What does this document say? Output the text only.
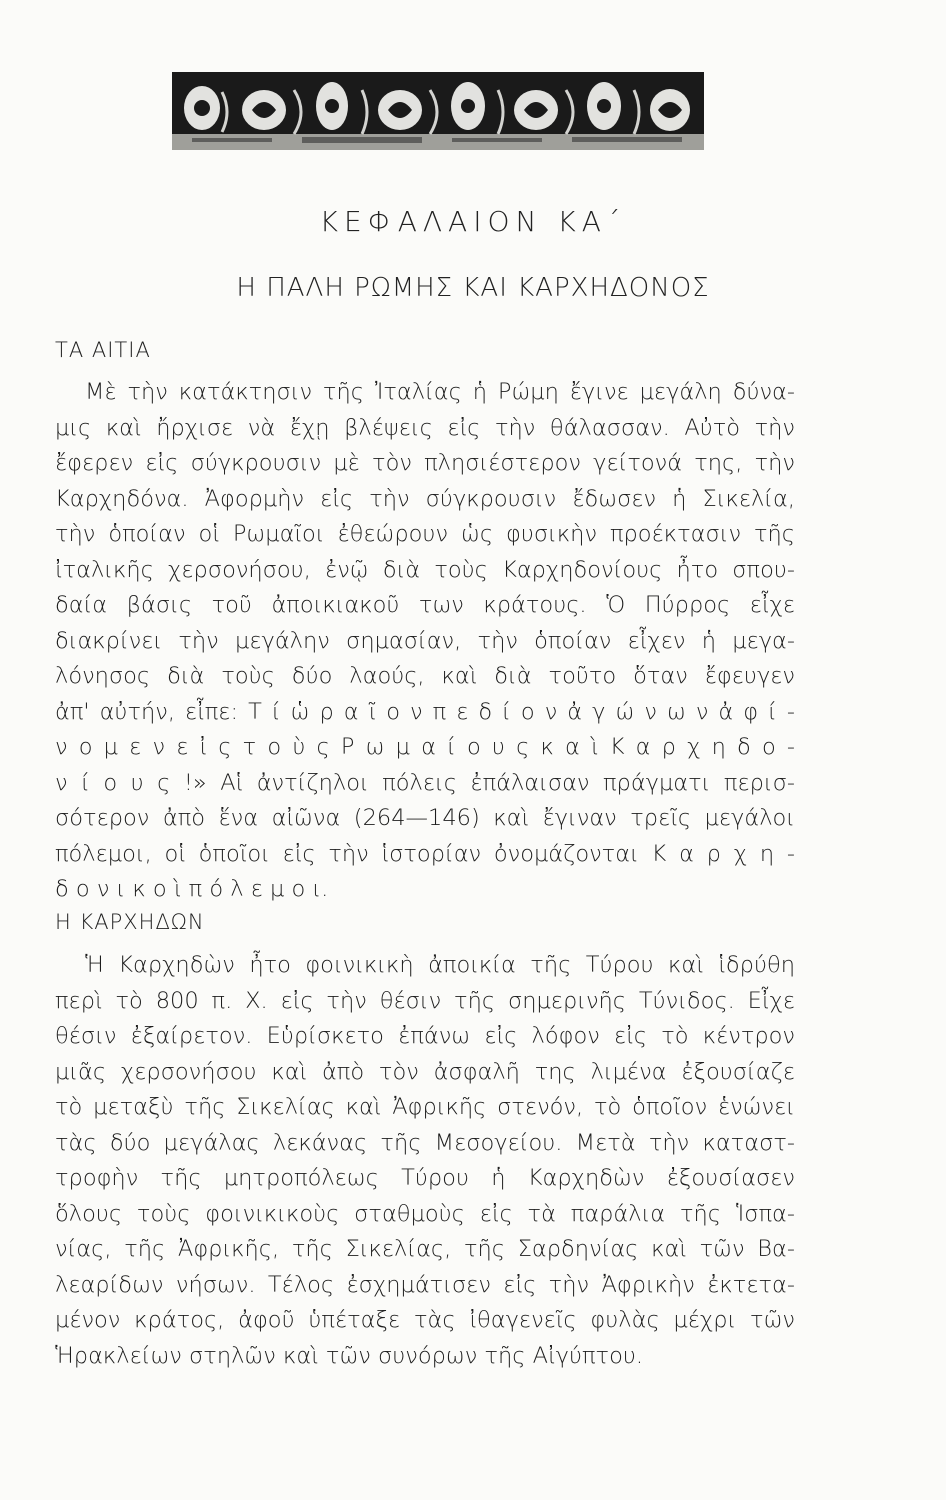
ΚΕΦΑΛΑΙΟΝ ΚΑ΄
Η ΠΑΛΗ ΡΩΜΗΣ ΚΑΙ ΚΑΡΧΗΔΟΝΟΣ
ΤΑ ΑΙΤΙΑ
Μὲ τὴν κατάκτησιν τῆς Ἰταλίας ἡ Ρώμη ἔγινε μεγάλη δύνα-
μις καὶ ἤρχισε νὰ ἔχῃ βλέψεις εἰς τὴν θάλασσαν. Αὐτὸ τὴν
ἔφερεν εἰς σύγκρουσιν μὲ τὸν πλησιέστερον γείτονά της, τὴν
Καρχηδόνα. Ἀφορμὴν εἰς τὴν σύγκρουσιν ἔδωσεν ἡ Σικελία,
τὴν ὁποίαν οἱ Ρωμαῖοι ἐθεώρουν ὡς φυσικὴν προέκτασιν τῆς
ἰταλικῆς χερσονήσου, ἐνῷ διὰ τοὺς Καρχηδονίους ἦτο σπου-
δαία βάσις τοῦ ἀποικιακοῦ των κράτους. Ὁ Πύρρος εἶχε
διακρίνει τὴν μεγάλην σημασίαν, τὴν ὁποίαν εἶχεν ἡ μεγα-
λόνησος διὰ τοὺς δύο λαούς, καὶ διὰ τοῦτο ὅταν ἔφευγεν
ἀπ' αὐτήν, εἶπε: Τ ί ὡ ρ α ῖ ο ν π ε δ ί ο ν ἀ γ ώ ν ω ν ἀ φ ί -
ν ο μ ε ν ε ἰ ς τ ο ὺ ς Ρ ω μ α ί ο υ ς κ α ὶ Κ α ρ χ η δ ο -
ν ί ο υ ς !» Αἱ ἀντίζηλοι πόλεις ἐπάλαισαν πράγματι περισ-
σότερον ἀπὸ ἕνα αἰῶνα (264—146) καὶ ἔγιναν τρεῖς μεγάλοι
πόλεμοι, οἱ ὁποῖοι εἰς τὴν ἱστορίαν ὀνομάζονται Κ α ρ χ η -
δ ο ν ι κ ο ὶ π ό λ ε μ ο ι.
Η ΚΑΡΧΗΔΩΝ
Ἡ Καρχηδὼν ἦτο φοινικικὴ ἀποικία τῆς Τύρου καὶ ἱδρύθη
περὶ τὸ 800 π. Χ. εἰς τὴν θέσιν τῆς σημερινῆς Τύνιδος. Εἶχε
θέσιν ἐξαίρετον. Εὑρίσκετο ἐπάνω εἰς λόφον εἰς τὸ κέντρον
μιᾶς χερσονήσου καὶ ἀπὸ τὸν ἀσφαλῆ της λιμένα ἐξουσίαζε
τὸ μεταξὺ τῆς Σικελίας καὶ Ἀφρικῆς στενόν, τὸ ὁποῖον ἑνώνει
τὰς δύο μεγάλας λεκάνας τῆς Μεσογείου. Μετὰ τὴν καταστ-
τροφὴν τῆς μητροπόλεως Τύρου ἡ Καρχηδὼν ἐξουσίασεν
ὅλους τοὺς φοινικικοὺς σταθμοὺς εἰς τὰ παράλια τῆς Ἱσπα-
νίας, τῆς Ἀφρικῆς, τῆς Σικελίας, τῆς Σαρδηνίας καὶ τῶν Βα-
λεαρίδων νήσων. Τέλος ἐσχημάτισεν εἰς τὴν Ἀφρικὴν ἐκτετα-
μένον κράτος, ἀφοῦ ὑπέταξε τὰς ἰθαγενεῖς φυλὰς μέχρι τῶν
Ἡρακλείων στηλῶν καὶ τῶν συνόρων τῆς Αἰγύπτου.
